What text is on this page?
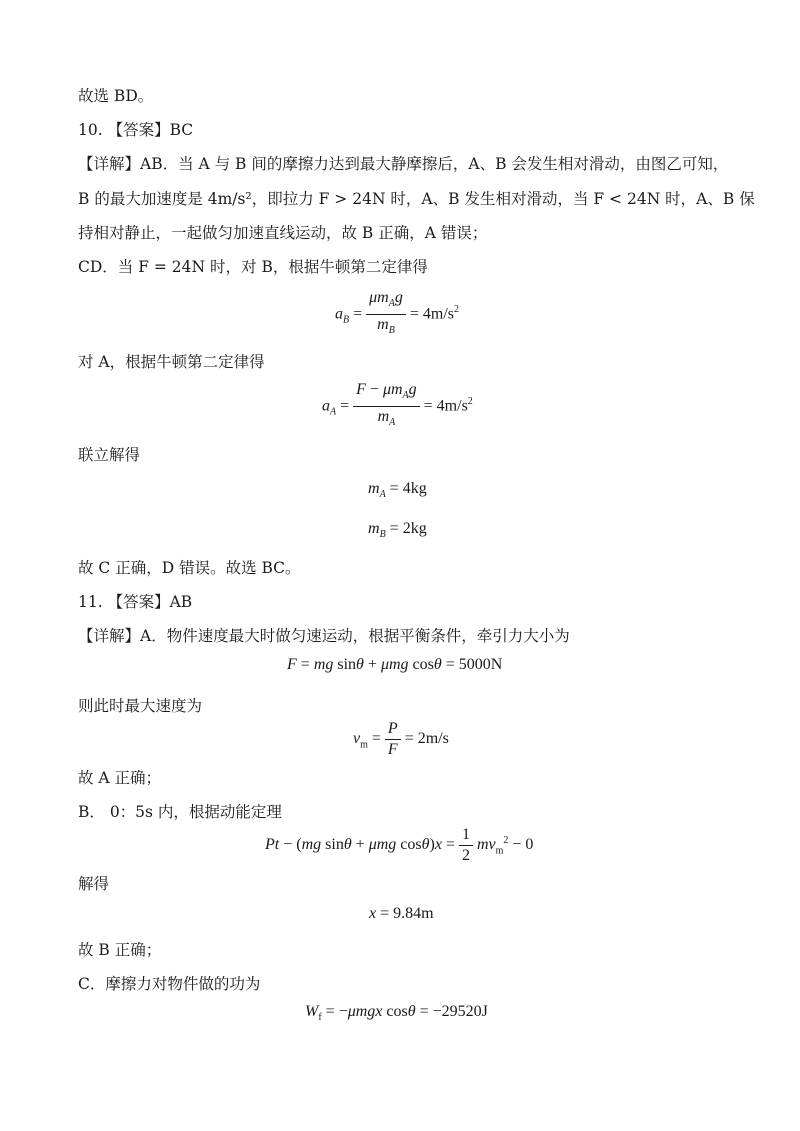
故选 BD。
10. 【答案】BC
【详解】AB．当 A 与 B 间的摩擦力达到最大静摩擦后，A、B 会发生相对滑动，由图乙可知，
B 的最大加速度是 4m/s²，即拉力 F > 24N 时，A、B 发生相对滑动，当 F < 24N 时，A、B 保
持相对静止，一起做匀加速直线运动，故 B 正确，A 错误；
CD．当 F = 24N 时，对 B，根据牛顿第二定律得
$a_B = \frac{\mu m_Ag}{m_B} = 4m/s^2$
对 A，根据牛顿第二定律得
$a_A = \frac{F - \mu m_Ag}{m_A} = 4m/s^2$
联立解得
$m_A = 4kg$
$m_B = 2kg$
故 C 正确，D 错误。故选 BC。
11. 【答案】AB
【详解】A．物件速度最大时做匀速运动，根据平衡条件，牵引力大小为
F = mg sinθ + μmg cosθ = 5000N
则此时最大速度为
$v_m = \frac{P}{F} = 2m/s$
故 A 正确；
B． 0：5s 内，根据动能定理
Pt − (mg sinθ + μmg $\cos\theta)x = \frac{1}{2} mv_m^2 - 0$
解得
x = 9.84m
故 B 正确；
C．摩擦力对物件做的功为
$W_f = -\mu mgx$ cosθ = −29520J
